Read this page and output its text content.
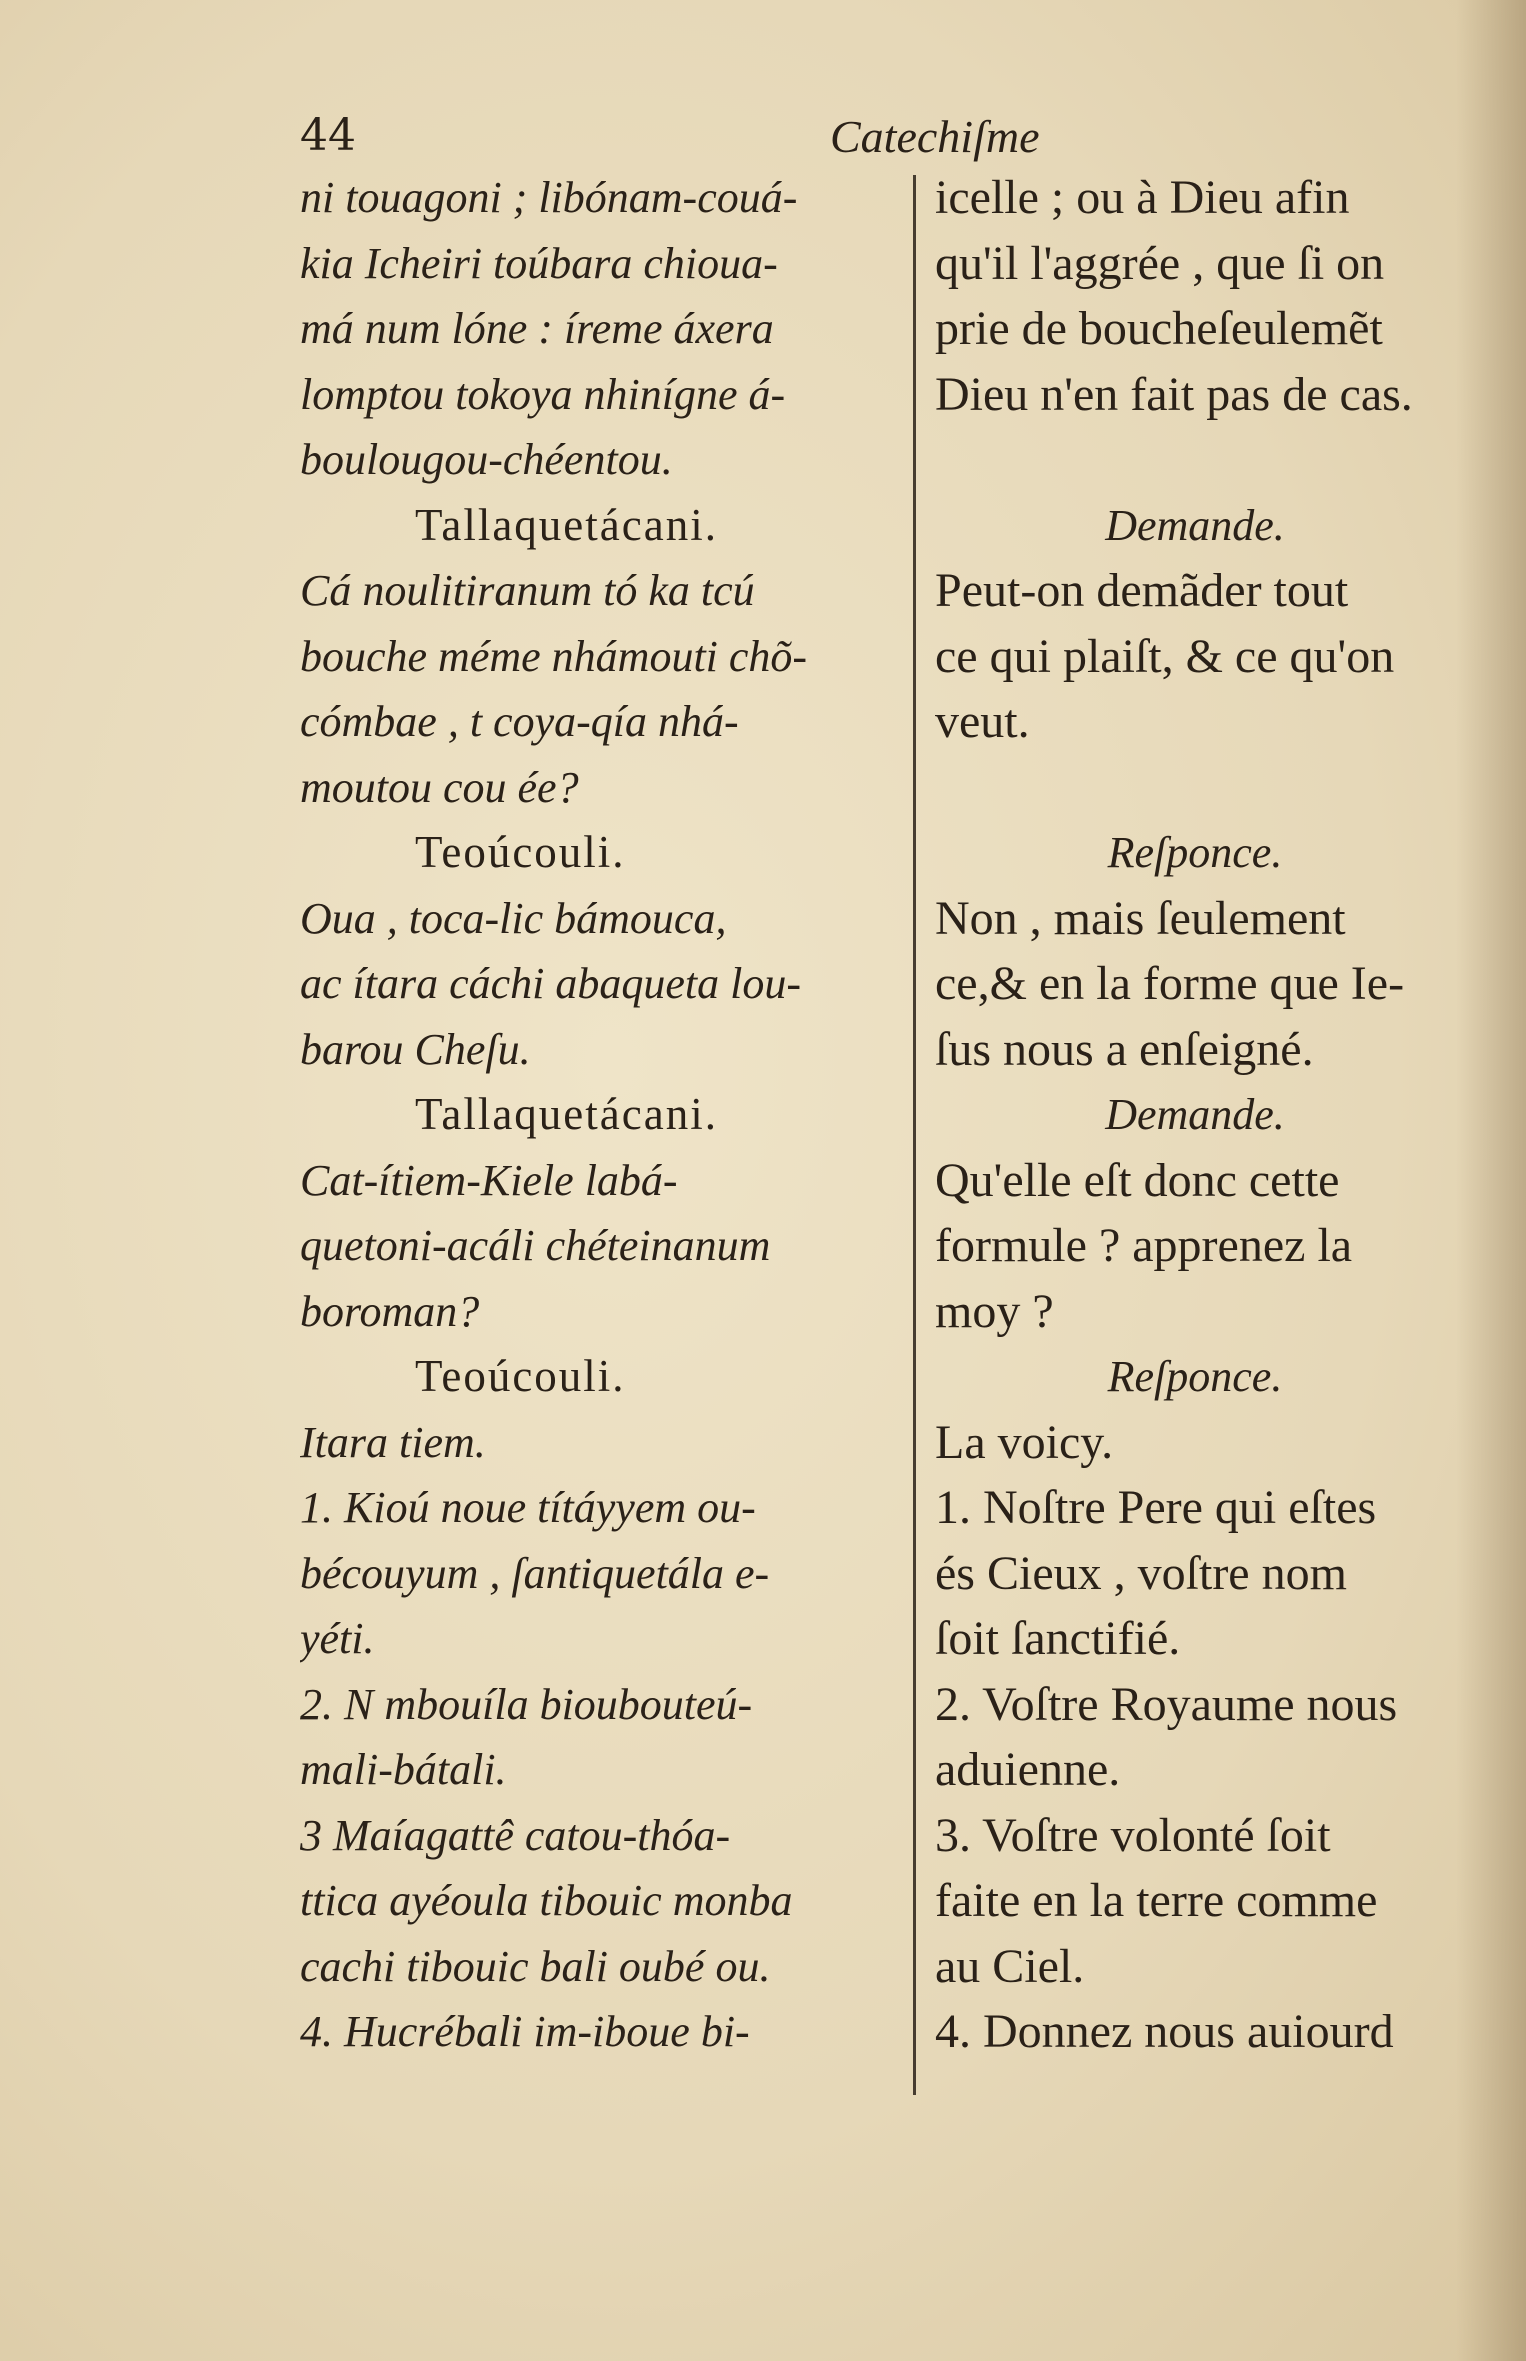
44	Catechiſme
ni touagoni ; libónam-couá-
kia Icheiri toúbara chioua-
má num lóne : íreme áxera
lomptou tokoya nhinígne á-
boulougou-chéentou.
Tallaquetácani.
Cá noulitiranum tó ka tcú
bouche méme nhámouti chõ-
cómbae , t coya-qía nhá-
moutou cou ée?
Teoúcouli.
Oua , toca-lic bámouca,
ac ítara cáchi abaqueta lou-
barou Cheſu.
Tallaquetácani.
Cat-ítiem-Kiele labá-
quetoni-acáli chéteinanum
boroman?
Teoúcouli.
Itara tiem.
1. Kioú noue títáyyem ou-
bécouyum , ſantiquetála e-
yéti.
2. N mbouíla bioubouteú-
mali-bátali.
3 Maíagattê catou-thóa-
ttica ayéoula tibouic monba
cachi tibouic bali oubé ou.
4. Hucrébali im-iboue bi-
icelle ; ou à Dieu afin
qu'il l'aggrée , que ſi on
prie de boucheſeulemẽt
Dieu n'en fait pas de cas.
Demande.
Peut-on demãder tout
ce qui plaiſt, & ce qu'on
veut.
Reſponce.
Non , mais ſeulement
ce,& en la forme que Ie-
ſus nous a enſeigné.
Demande.
Qu'elle eſt donc cette
formule ? apprenez la
moy ?
Reſponce.
La voicy.
1. Noſtre Pere qui eſtes
és Cieux , voſtre nom
ſoit ſanctifié.
2. Voſtre Royaume nous
aduienne.
3. Voſtre volonté ſoit
faite en la terre comme
au Ciel.
4. Donnez nous auiourd
